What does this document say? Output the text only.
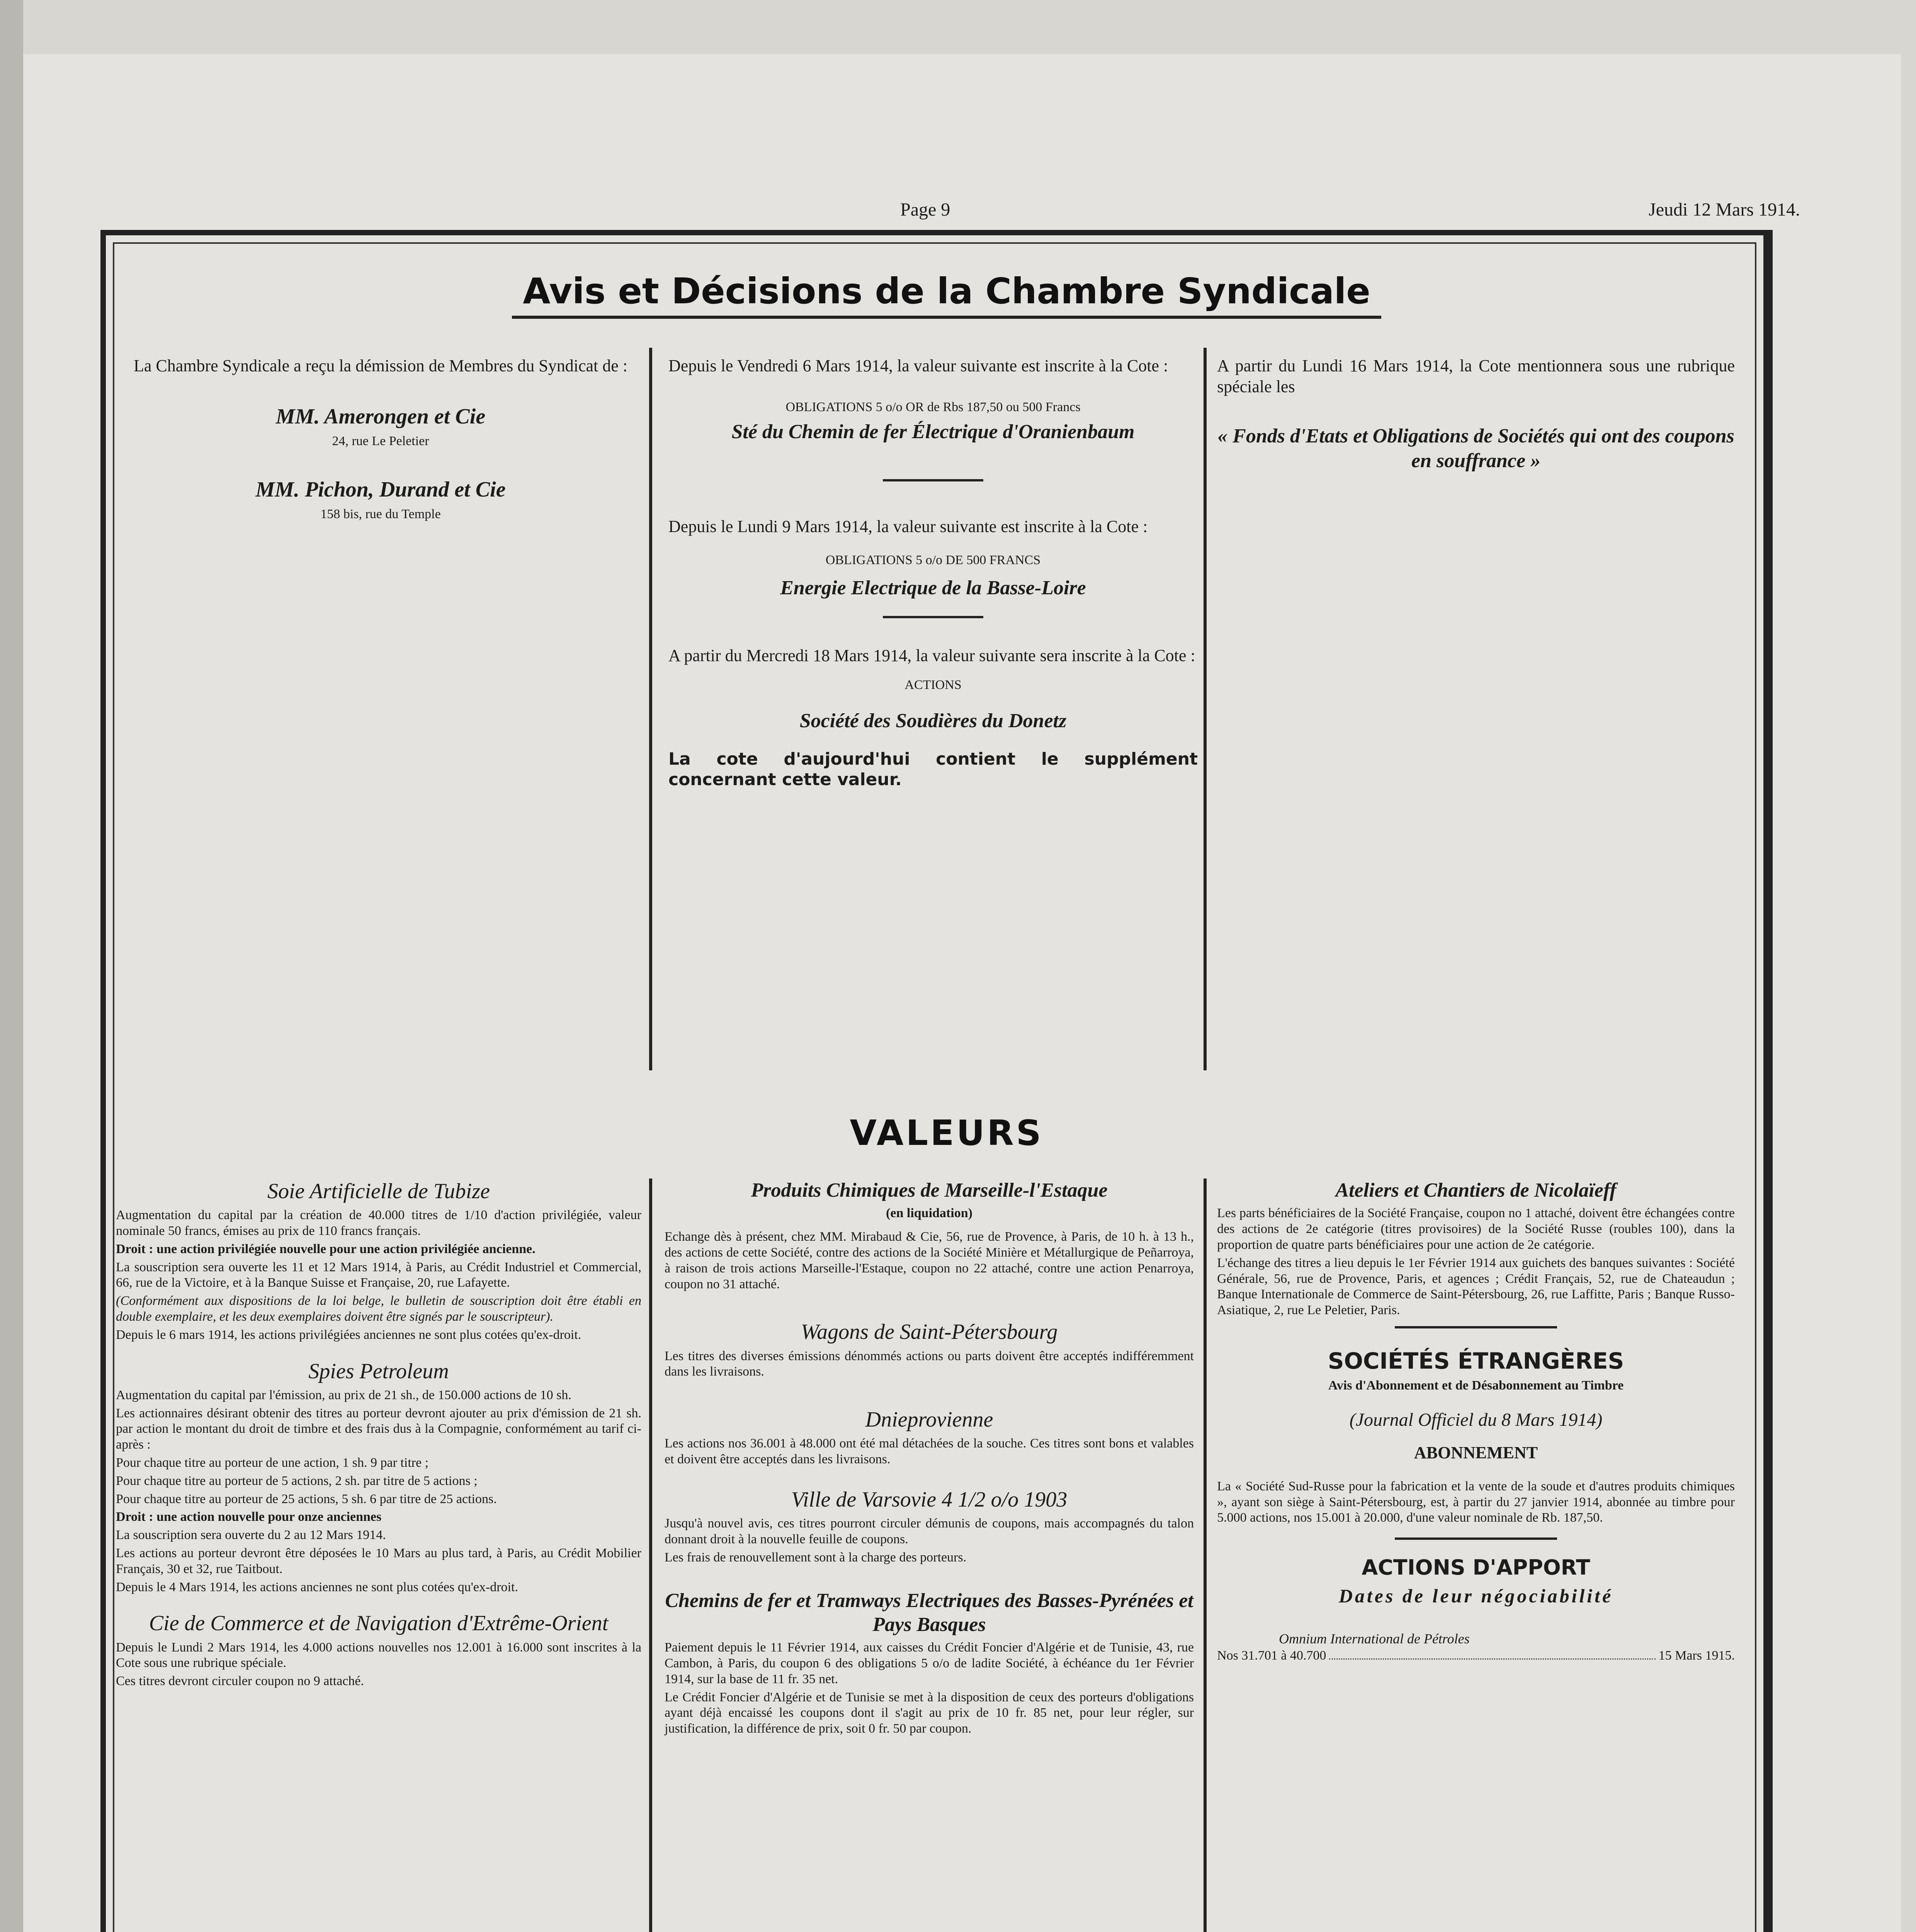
Page 9	Jeudi 12 Mars 1914.
Avis et Décisions de la Chambre Syndicale

La Chambre Syndicale a reçu la démission de Membres du Syndicat de :

MM. Amerongen et Cie
24, rue Le Peletier
MM. Pichon, Durand et Cie
158 bis, rue du Temple

Depuis le Vendredi 6 Mars 1914, la valeur suivante est inscrite à la Cote :

OBLIGATIONS 5 o/o OR de Rbs 187,50 ou 500 Francs
Sté du Chemin de fer Électrique d'Oranienbaum

Depuis le Lundi 9 Mars 1914, la valeur suivante est inscrite à la Cote :

OBLIGATIONS 5 o/o DE 500 FRANCS
Energie Electrique de la Basse-Loire

A partir du Mercredi 18 Mars 1914, la valeur suivante sera inscrite à la Cote :

ACTIONS
Société des Soudières du Donetz

La cote d'aujourd'hui contient le supplément concernant cette valeur.

A partir du Lundi 16 Mars 1914, la Cote mentionnera sous une rubrique spéciale les

« Fonds d'Etats et Obligations de Sociétés qui ont des coupons en souffrance »
VALEURS
Soie Artificielle de Tubize

Augmentation du capital par la création de 40.000 titres de 1/10 d'action privilégiée, valeur nominale 50 francs, émises au prix de 110 francs français.

Droit : une action privilégiée nouvelle pour une action privilégiée ancienne.

La souscription sera ouverte les 11 et 12 Mars 1914, à Paris, au Crédit Industriel et Commercial, 66, rue de la Victoire, et à la Banque Suisse et Française, 20, rue Lafayette.

(Conformément aux dispositions de la loi belge, le bulletin de souscription doit être établi en double exemplaire, et les deux exemplaires doivent être signés par le souscripteur).

Depuis le 6 mars 1914, les actions privilégiées anciennes ne sont plus cotées qu'ex-droit.

Spies Petroleum

Augmentation du capital par l'émission, au prix de 21 sh., de 150.000 actions de 10 sh.

Les actionnaires désirant obtenir des titres au porteur devront ajouter au prix d'émission de 21 sh. par action le montant du droit de timbre et des frais dus à la Compagnie, conformément au tarif ci-après :

Pour chaque titre au porteur de une action, 1 sh. 9 par titre ;

Pour chaque titre au porteur de 5 actions, 2 sh. par titre de 5 actions ;

Pour chaque titre au porteur de 25 actions, 5 sh. 6 par titre de 25 actions.

Droit : une action nouvelle pour onze anciennes

La souscription sera ouverte du 2 au 12 Mars 1914.

Les actions au porteur devront être déposées le 10 Mars au plus tard, à Paris, au Crédit Mobilier Français, 30 et 32, rue Taitbout.

Depuis le 4 Mars 1914, les actions anciennes ne sont plus cotées qu'ex-droit.

Cie de Commerce et de Navigation d'Extrême-Orient

Depuis le Lundi 2 Mars 1914, les 4.000 actions nouvelles nos 12.001 à 16.000 sont inscrites à la Cote sous une rubrique spéciale.

Ces titres devront circuler coupon no 9 attaché.

Produits Chimiques de Marseille-l'Estaque
(en liquidation)

Echange dès à présent, chez MM. Mirabaud & Cie, 56, rue de Provence, à Paris, de 10 h. à 13 h., des actions de cette Société, contre des actions de la Société Minière et Métallurgique de Peñarroya, à raison de trois actions Marseille-l'Estaque, coupon no 22 attaché, contre une action Penarroya, coupon no 31 attaché.

Wagons de Saint-Pétersbourg

Les titres des diverses émissions dénommés actions ou parts doivent être acceptés indifféremment dans les livraisons.

Dnieprovienne

Les actions nos 36.001 à 48.000 ont été mal détachées de la souche. Ces titres sont bons et valables et doivent être acceptés dans les livraisons.

Ville de Varsovie 4 1/2 o/o 1903

Jusqu'à nouvel avis, ces titres pourront circuler démunis de coupons, mais accompagnés du talon donnant droit à la nouvelle feuille de coupons.

Les frais de renouvellement sont à la charge des porteurs.

Chemins de fer et Tramways Electriques des Basses-Pyrénées et Pays Basques

Paiement depuis le 11 Février 1914, aux caisses du Crédit Foncier d'Algérie et de Tunisie, 43, rue Cambon, à Paris, du coupon 6 des obligations 5 o/o de ladite Société, à échéance du 1er Février 1914, sur la base de 11 fr. 35 net.

Le Crédit Foncier d'Algérie et de Tunisie se met à la disposition de ceux des porteurs d'obligations ayant déjà encaissé les coupons dont il s'agit au prix de 10 fr. 85 net, pour leur régler, sur justification, la différence de prix, soit 0 fr. 50 par coupon.

Ateliers et Chantiers de Nicolaïeff

Les parts bénéficiaires de la Société Française, coupon no 1 attaché, doivent être échangées contre des actions de 2e catégorie (titres provisoires) de la Société Russe (roubles 100), dans la proportion de quatre parts bénéficiaires pour une action de 2e catégorie.

L'échange des titres a lieu depuis le 1er Février 1914 aux guichets des banques suivantes : Société Générale, 56, rue de Provence, Paris, et agences ; Crédit Français, 52, rue de Chateaudun ; Banque Internationale de Commerce de Saint-Pétersbourg, 26, rue Laffitte, Paris ; Banque Russo-Asiatique, 2, rue Le Peletier, Paris.

SOCIÉTÉS ÉTRANGÈRES
Avis d'Abonnement et de Désabonnement au Timbre
(Journal Officiel du 8 Mars 1914)
ABONNEMENT

La « Société Sud-Russe pour la fabrication et la vente de la soude et d'autres produits chimiques », ayant son siège à Saint-Pétersbourg, est, à partir du 27 janvier 1914, abonnée au timbre pour 5.000 actions, nos 15.001 à 20.000, d'une valeur nominale de Rb. 187,50.

ACTIONS D'APPORT
Dates de leur négociabilité
Omnium International de Pétroles
Nos 31.701 à 40.700	15 Mars 1915.
